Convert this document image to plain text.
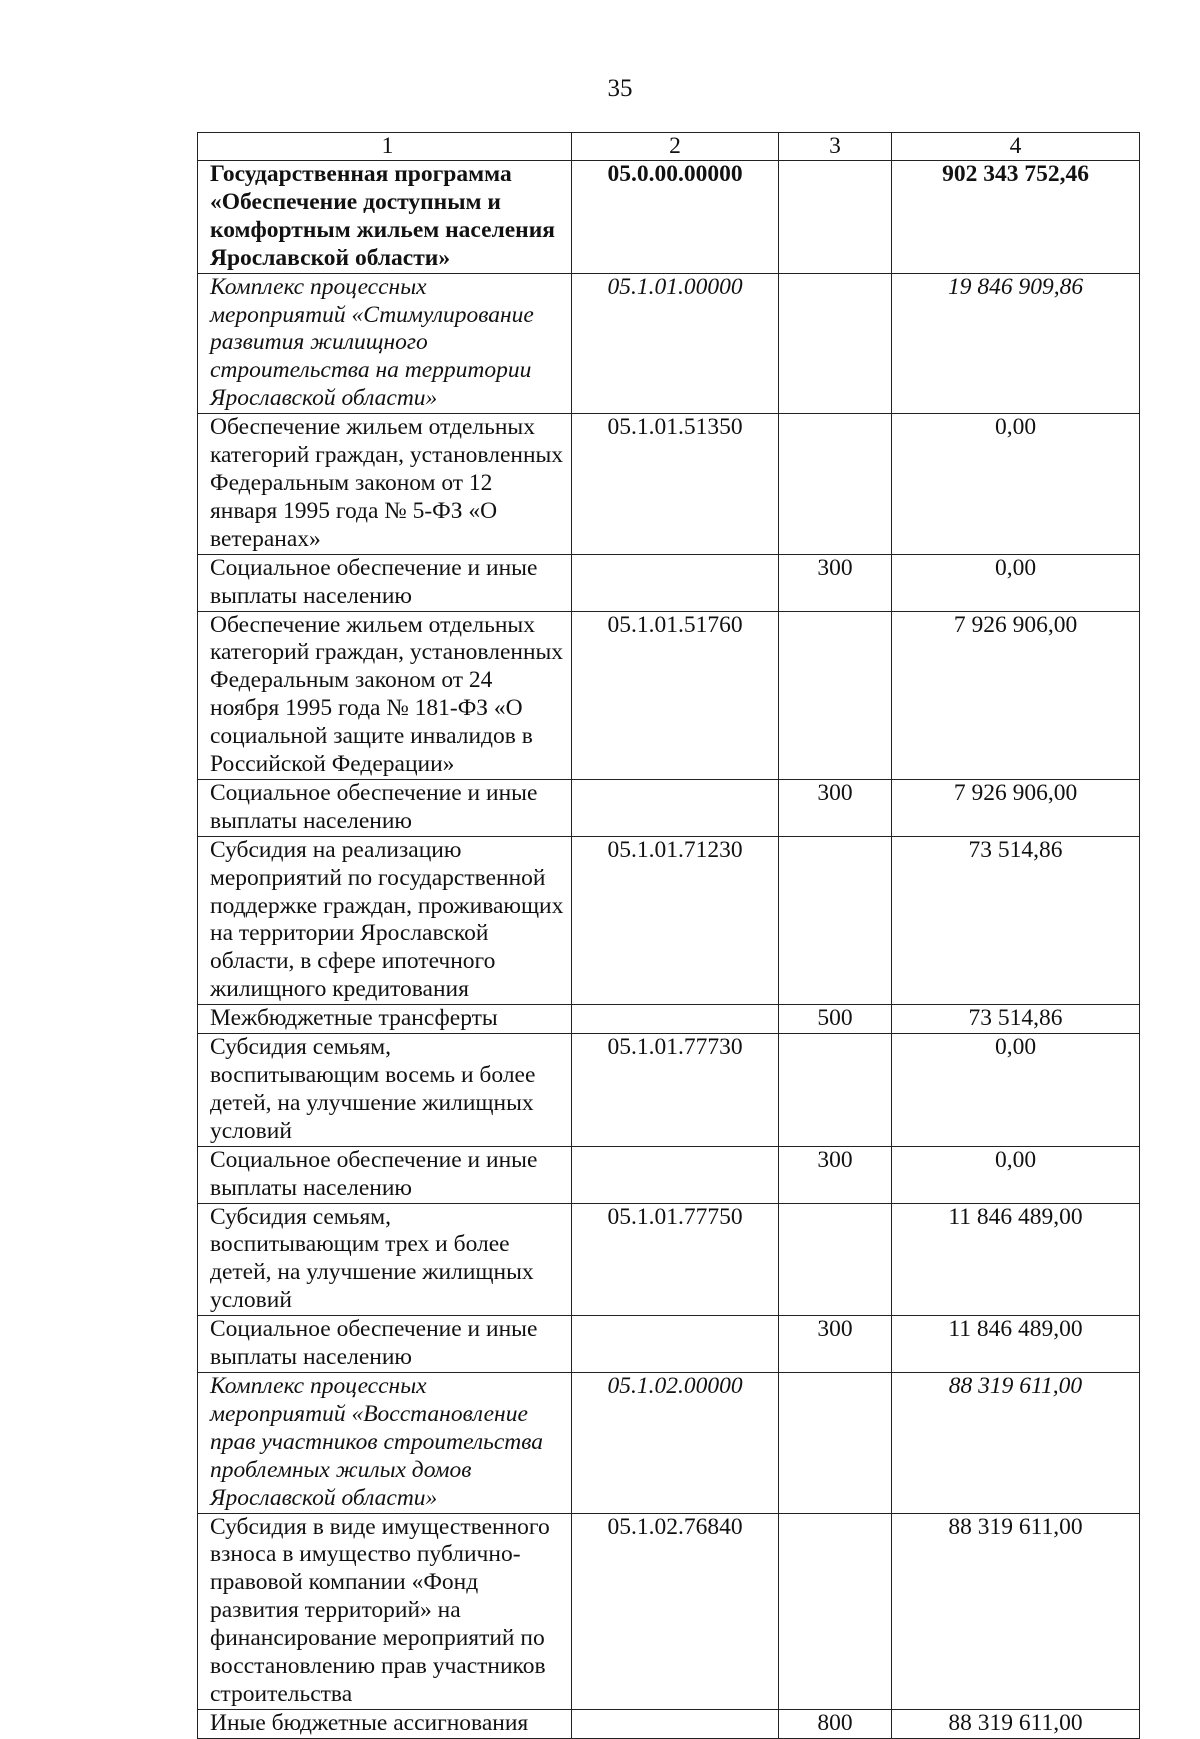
35
1	2	3	4
Государственная программа «Обеспечение доступным и комфортным жильем населения Ярославской области»	05.0.00.00000		902 343 752,46
Комплекс процессных мероприятий «Стимулирование развития жилищного строительства на территории Ярославской области»	05.1.01.00000		19 846 909,86
Обеспечение жильем отдельных категорий граждан, установленных Федеральным законом от 12 января 1995 года № 5-ФЗ «О ветеранах»	05.1.01.51350		0,00
Социальное обеспечение и иные выплаты населению		300	0,00
Обеспечение жильем отдельных категорий граждан, установленных Федеральным законом от 24 ноября 1995 года № 181-ФЗ «О социальной защите инвалидов в Российской Федерации»	05.1.01.51760		7 926 906,00
Социальное обеспечение и иные выплаты населению		300	7 926 906,00
Субсидия на реализацию мероприятий по государственной поддержке граждан, проживающих на территории Ярославской области, в сфере ипотечного жилищного кредитования	05.1.01.71230		73 514,86
Межбюджетные трансферты		500	73 514,86
Субсидия семьям, воспитывающим восемь и более детей, на улучшение жилищных условий	05.1.01.77730		0,00
Социальное обеспечение и иные выплаты населению		300	0,00
Субсидия семьям, воспитывающим трех и более детей, на улучшение жилищных условий	05.1.01.77750		11 846 489,00
Социальное обеспечение и иные выплаты населению		300	11 846 489,00
Комплекс процессных мероприятий «Восстановление прав участников строительства проблемных жилых домов Ярославской области»	05.1.02.00000		88 319 611,00
Субсидия в виде имущественного взноса в имущество публично-правовой компании «Фонд развития территорий» на финансирование мероприятий по восстановлению прав участников строительства	05.1.02.76840		88 319 611,00
Иные бюджетные ассигнования		800	88 319 611,00
